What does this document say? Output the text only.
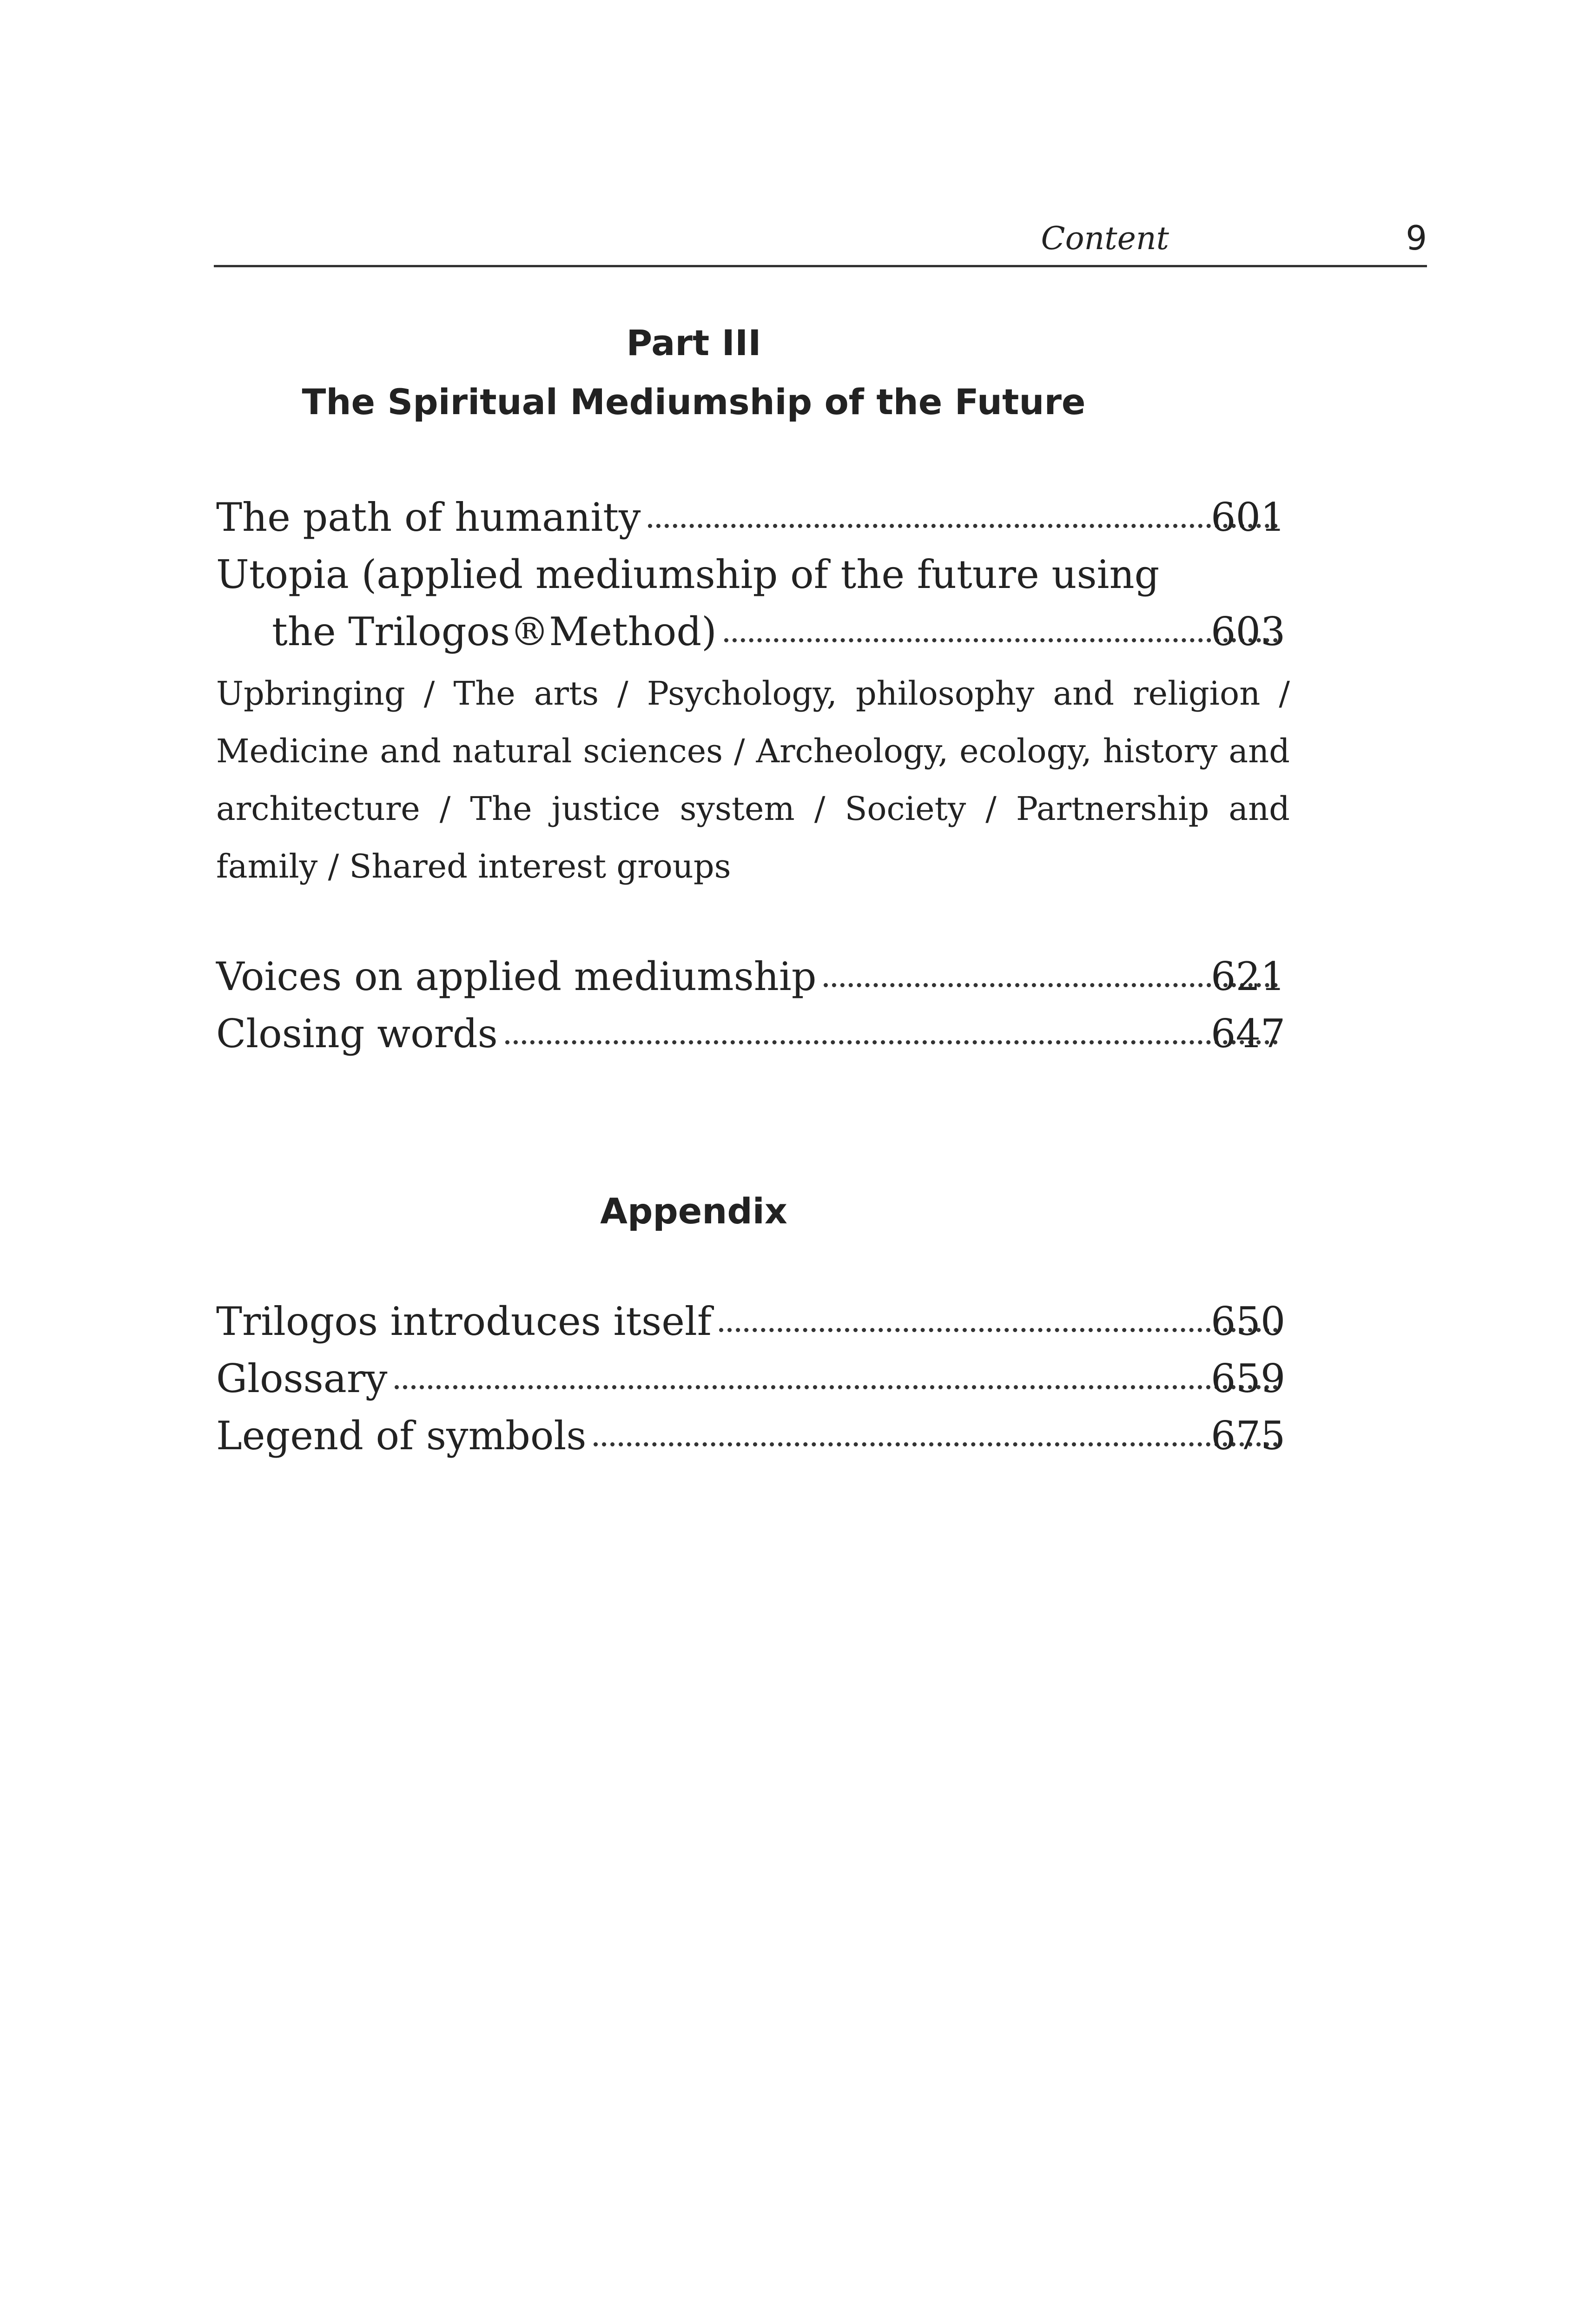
Content	9
Part III
The Spiritual Mediumship of the Future
The path of humanity	601
Utopia (applied mediumship of the future using
the Trilogos®Method)	603
Upbringing / The arts / Psychology, philosophy and religion / Medicine and natural sciences / Archeology, ecology, history and architecture / The justice system / Society / Partnership and family / Shared interest groups
Voices on applied mediumship	621
Closing words	647
Appendix
Trilogos introduces itself	650
Glossary	659
Legend of symbols	675
